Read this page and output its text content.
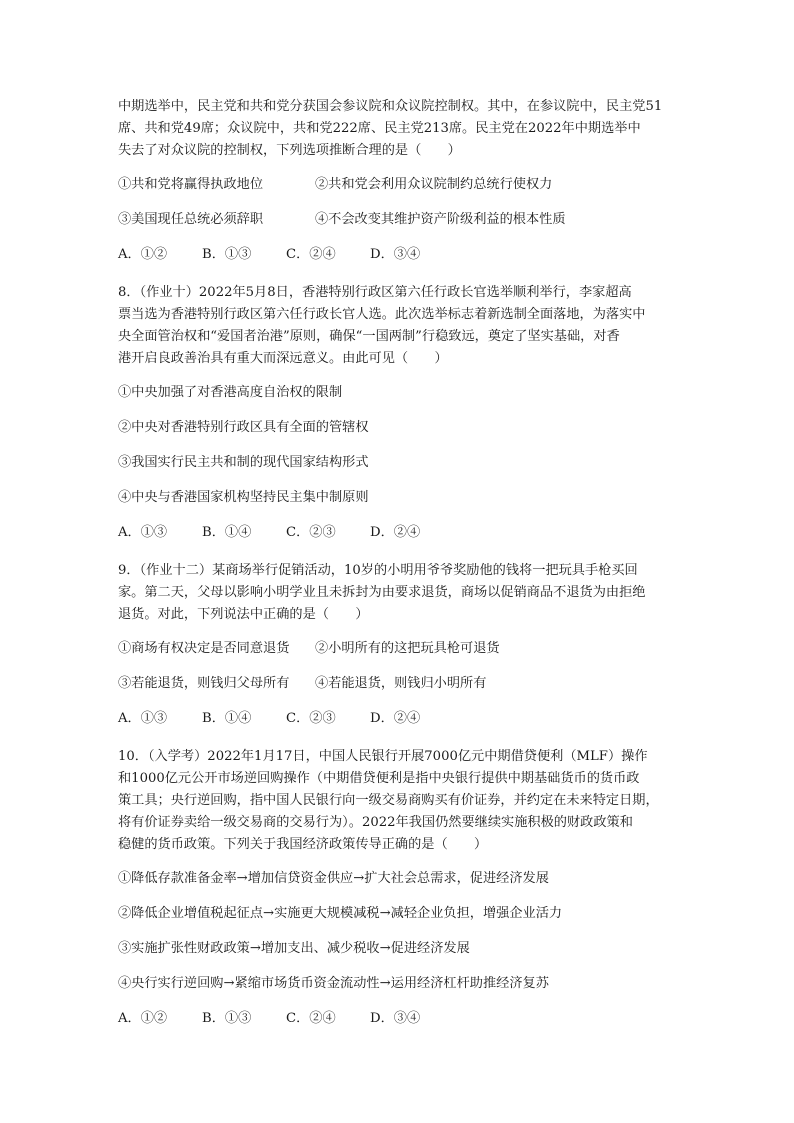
中期选举中，民主党和共和党分获国会参议院和众议院控制权。其中，在参议院中，民主党51

席、共和党49席；众议院中，共和党222席、民主党213席。民主党在2022年中期选举中

失去了对众议院的控制权，下列选项推断合理的是（　　）

①共和党将赢得执政地位	②共和党会利用众议院制约总统行使权力
③美国现任总统必须辞职	④不会改变其维护资产阶级利益的根本性质
A．①②	B．①③	C．②④	D．③④

8．（作业十）2022年5月8日，香港特别行政区第六任行政长官选举顺利举行，李家超高

票当选为香港特别行政区第六任行政长官人选。此次选举标志着新选制全面落地，为落实中

央全面管治权和“爱国者治港”原则，确保“一国两制”行稳致远，奠定了坚实基础，对香

港开启良政善治具有重大而深远意义。由此可见（　　）

①中央加强了对香港高度自治权的限制
②中央对香港特别行政区具有全面的管辖权
③我国实行民主共和制的现代国家结构形式
④中央与香港国家机构坚持民主集中制原则
A．①③	B．①④	C．②③	D．②④

9．（作业十二）某商场举行促销活动，10岁的小明用爷爷奖励他的钱将一把玩具手枪买回

家。第二天，父母以影响小明学业且未拆封为由要求退货，商场以促销商品不退货为由拒绝

退货。对此，下列说法中正确的是（　　）

①商场有权决定是否同意退货	②小明所有的这把玩具枪可退货
③若能退货，则钱归父母所有	④若能退货，则钱归小明所有
A．①③	B．①④	C．②③	D．②④

10．（入学考）2022年1月17日，中国人民银行开展7000亿元中期借贷便利（MLF）操作

和1000亿元公开市场逆回购操作（中期借贷便利是指中央银行提供中期基础货币的货币政

策工具；央行逆回购，指中国人民银行向一级交易商购买有价证券，并约定在未来特定日期，

将有价证券卖给一级交易商的交易行为）。2022年我国仍然要继续实施积极的财政政策和

稳健的货币政策。下列关于我国经济政策传导正确的是（　　）

①降低存款准备金率→增加信贷资金供应→扩大社会总需求，促进经济发展
②降低企业增值税起征点→实施更大规模减税→减轻企业负担，增强企业活力
③实施扩张性财政政策→增加支出、减少税收→促进经济发展
④央行实行逆回购→紧缩市场货币资金流动性→运用经济杠杆助推经济复苏
A．①②	B．①③	C．②④	D．③④
